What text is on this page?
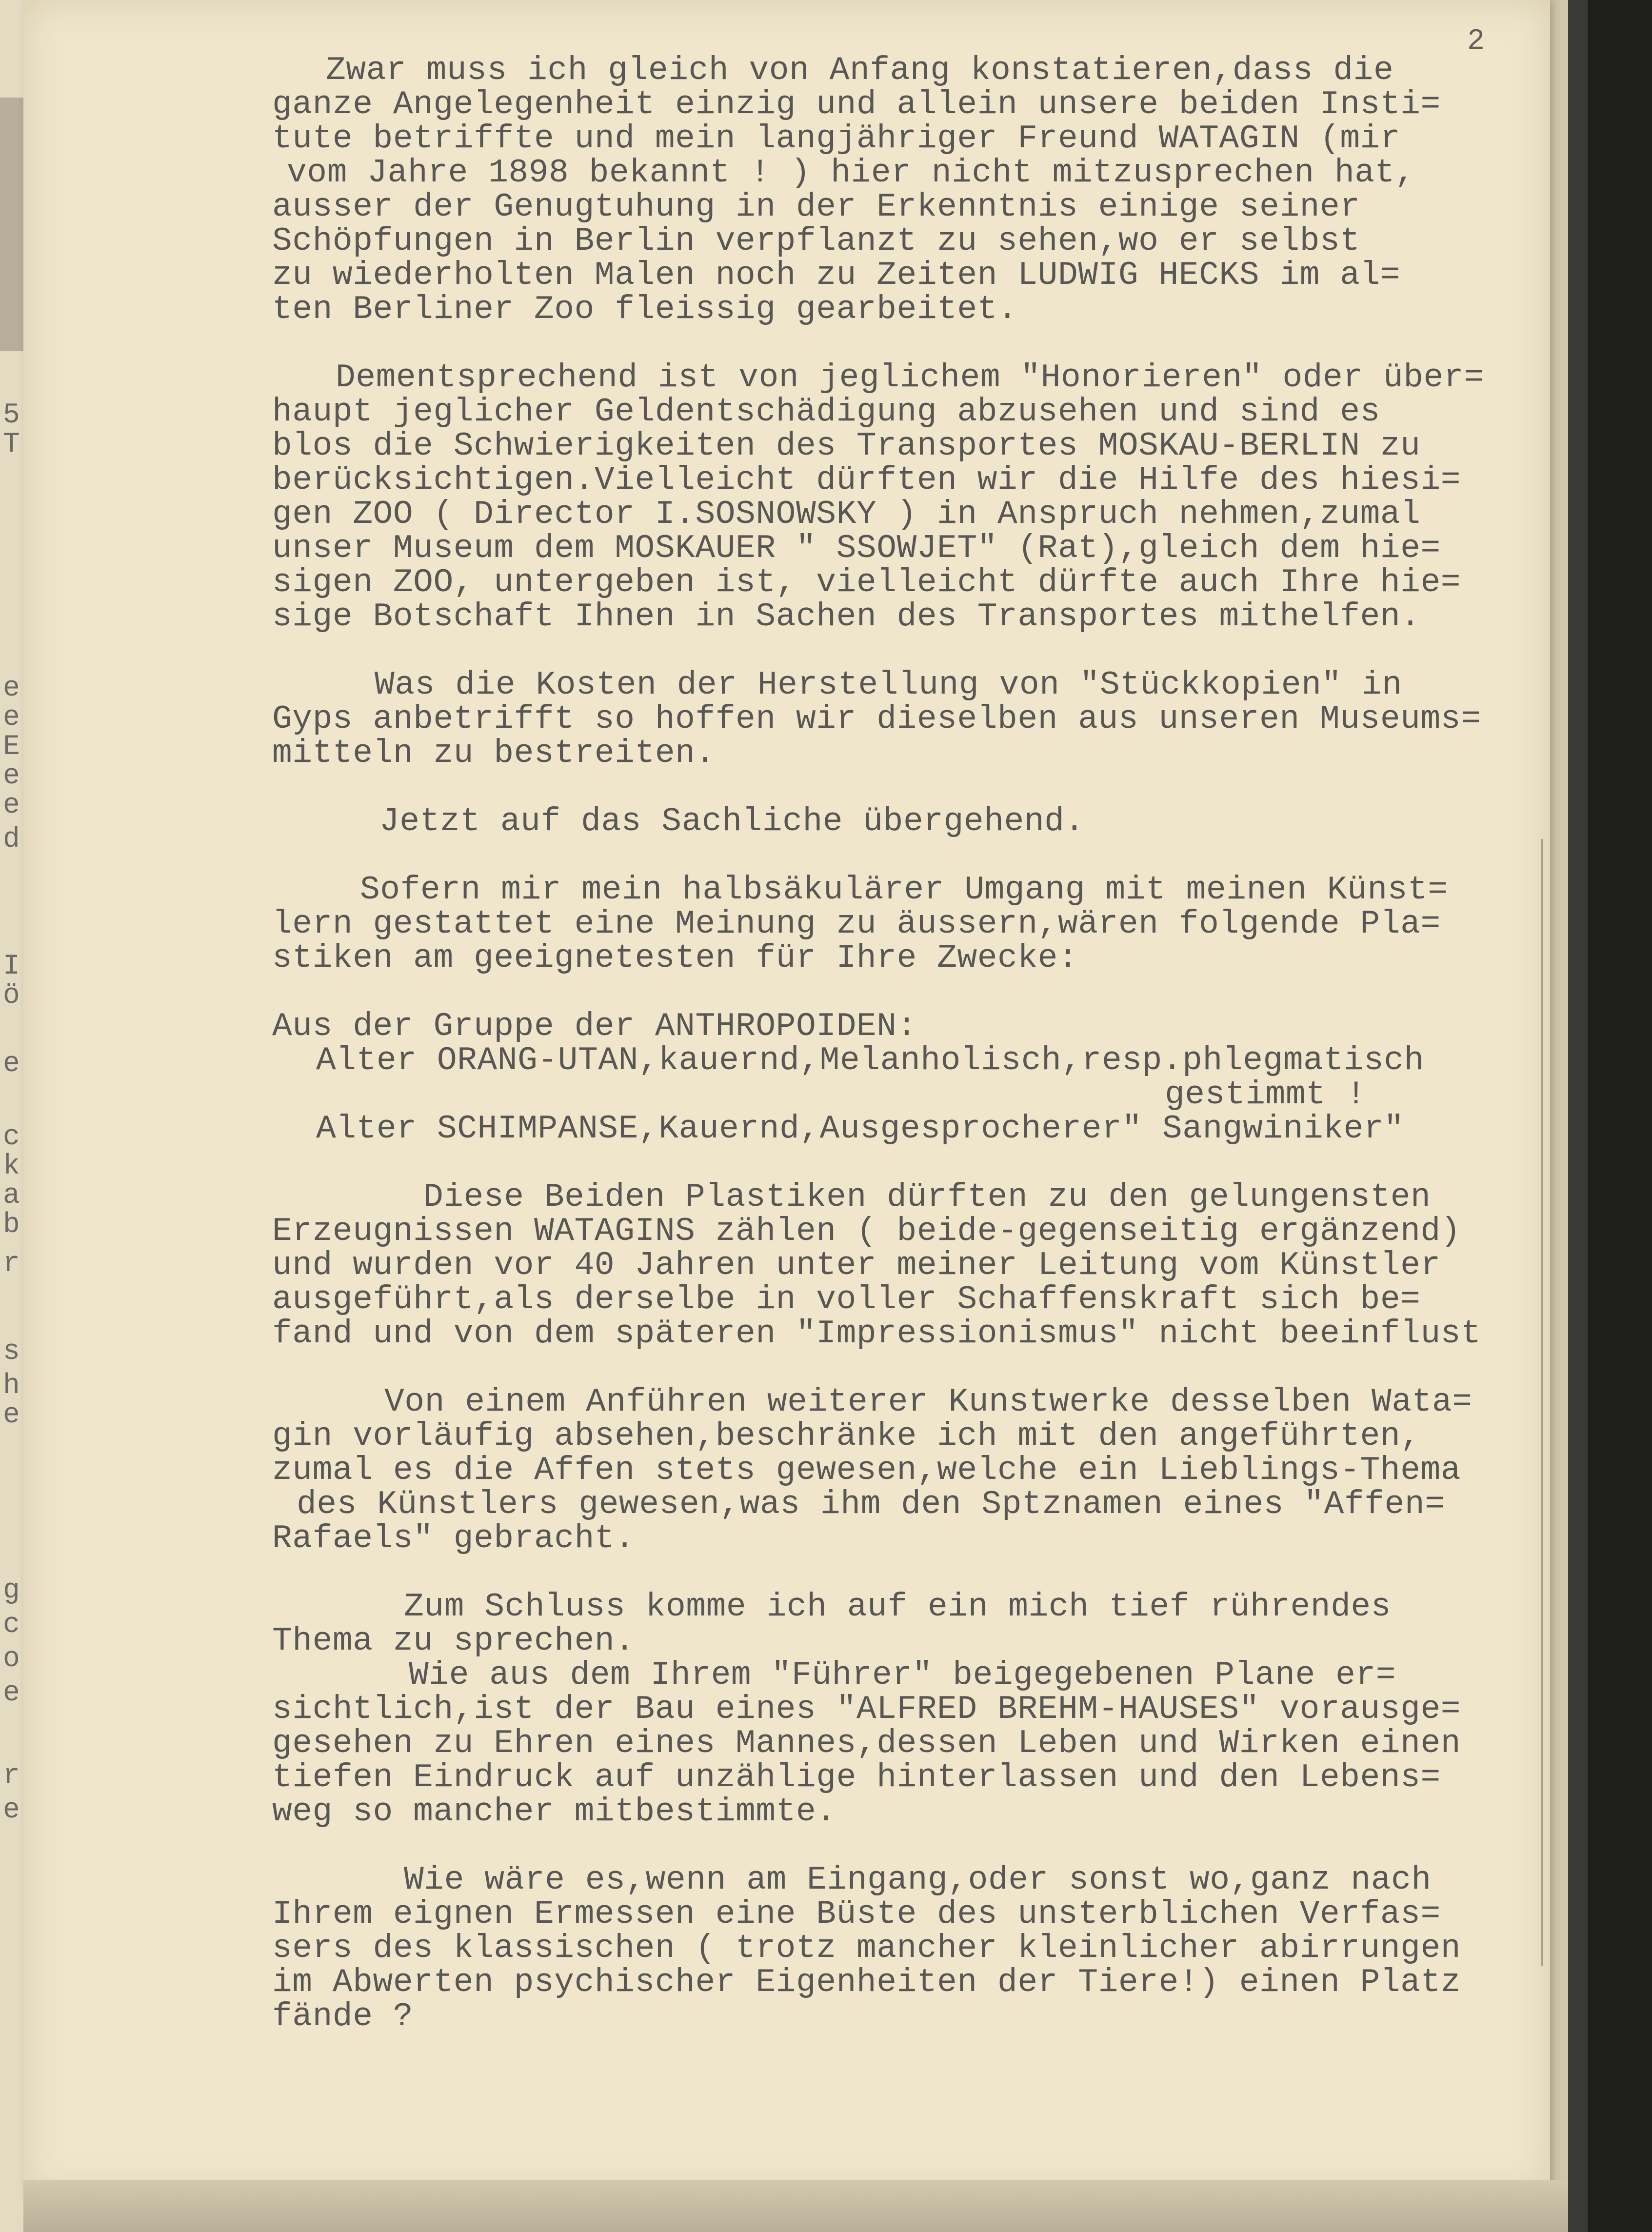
5
T
e
e
E
e
e
d
I
ö
e
c
k
a
b
r
s
h
e
g
c
o
e
r
e
2
Zwar muss ich gleich von Anfang konstatieren,dass die
ganze Angelegenheit einzig und allein unsere beiden Insti=
tute betriffte und mein langjähriger Freund WATAGIN (mir
vom Jahre 1898 bekannt ! ) hier nicht mitzusprechen hat,
ausser der Genugtuhung in der Erkenntnis einige seiner
Schöpfungen in Berlin verpflanzt zu sehen,wo er selbst
zu wiederholten Malen noch zu Zeiten LUDWIG HECKS im al=
ten Berliner Zoo fleissig gearbeitet.
Dementsprechend ist von jeglichem "Honorieren" oder über=
haupt jeglicher Geldentschädigung abzusehen und sind es
blos die Schwierigkeiten des Transportes MOSKAU-BERLIN zu
berücksichtigen.Vielleicht dürften wir die Hilfe des hiesi=
gen ZOO ( Director I.SOSNOWSKY ) in Anspruch nehmen,zumal
unser Museum dem MOSKAUER " SSOWJET" (Rat),gleich dem hie=
sigen ZOO, untergeben ist, vielleicht dürfte auch Ihre hie=
sige Botschaft Ihnen in Sachen des Transportes mithelfen.
Was die Kosten der Herstellung von "Stückkopien" in
Gyps anbetrifft so hoffen wir dieselben aus unseren Museums=
mitteln zu bestreiten.
Jetzt auf das Sachliche übergehend.
Sofern mir mein halbsäkulärer Umgang mit meinen Künst=
lern gestattet eine Meinung zu äussern,wären folgende Pla=
stiken am geeignetesten für Ihre Zwecke:
Aus der Gruppe der ANTHROPOIDEN:
Alter ORANG-UTAN,kauernd,Melanholisch,resp.phlegmatisch
gestimmt !
Alter SCHIMPANSE,Kauernd,Ausgesprocherer" Sangwiniker"
Diese Beiden Plastiken dürften zu den gelungensten
Erzeugnissen WATAGINS zählen ( beide-gegenseitig ergänzend)
und wurden vor 40 Jahren unter meiner Leitung vom Künstler
ausgeführt,als derselbe in voller Schaffenskraft sich be=
fand und von dem späteren "Impressionismus" nicht beeinflust
Von einem Anführen weiterer Kunstwerke desselben Wata=
gin vorläufig absehen,beschränke ich mit den angeführten,
zumal es die Affen stets gewesen,welche ein Lieblings-Thema
des Künstlers gewesen,was ihm den Sptznamen eines "Affen=
Rafaels" gebracht.
Zum Schluss komme ich auf ein mich tief rührendes
Thema zu sprechen.
Wie aus dem Ihrem "Führer" beigegebenen Plane er=
sichtlich,ist der Bau eines "ALFRED BREHM-HAUSES" vorausge=
gesehen zu Ehren eines Mannes,dessen Leben und Wirken einen
tiefen Eindruck auf unzählige hinterlassen und den Lebens=
weg so mancher mitbestimmte.
Wie wäre es,wenn am Eingang,oder sonst wo,ganz nach
Ihrem eignen Ermessen eine Büste des unsterblichen Verfas=
sers des klassischen ( trotz mancher kleinlicher abirrungen
im Abwerten psychischer Eigenheiten der Tiere!) einen Platz
fände ?
